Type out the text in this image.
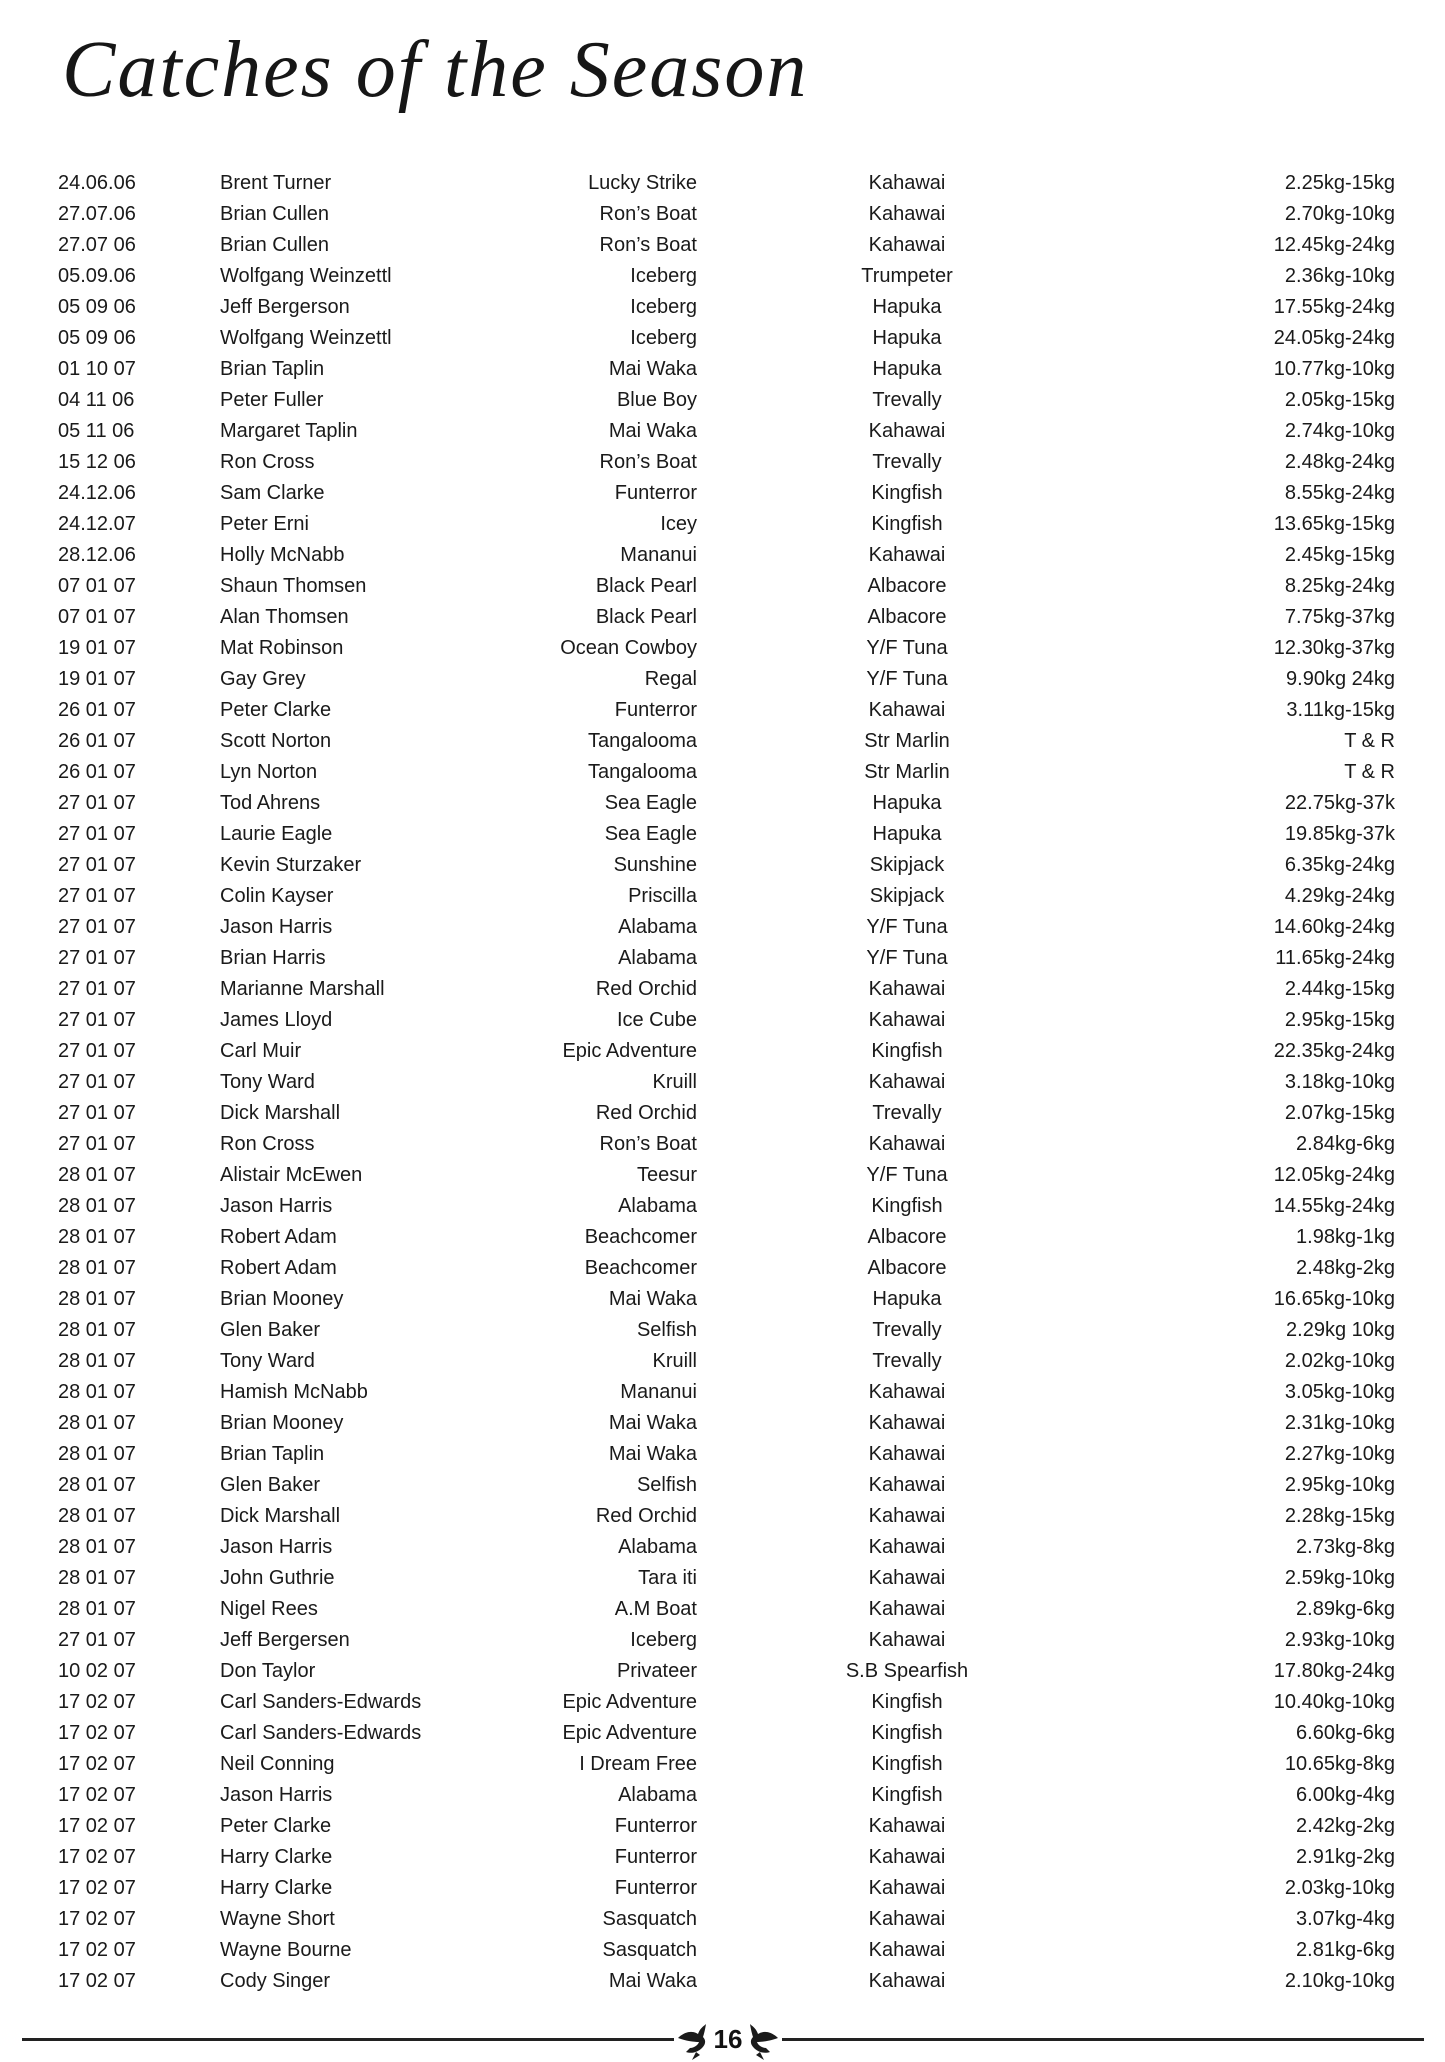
Catches of the Season
24.06.06	Brent Turner	Lucky Strike	Kahawai	2.25kg-15kg
27.07.06	Brian Cullen	Ron’s Boat	Kahawai	2.70kg-10kg
27.07 06	Brian Cullen	Ron’s Boat	Kahawai	12.45kg-24kg
05.09.06	Wolfgang Weinzettl	Iceberg	Trumpeter	2.36kg-10kg
05 09 06	Jeff Bergerson	Iceberg	Hapuka	17.55kg-24kg
05 09 06	Wolfgang Weinzettl	Iceberg	Hapuka	24.05kg-24kg
01 10 07	Brian Taplin	Mai Waka	Hapuka	10.77kg-10kg
04 11 06	Peter Fuller	Blue Boy	Trevally	2.05kg-15kg
05 11 06	Margaret Taplin	Mai Waka	Kahawai	2.74kg-10kg
15 12 06	Ron Cross	Ron’s Boat	Trevally	2.48kg-24kg
24.12.06	Sam Clarke	Funterror	Kingfish	8.55kg-24kg
24.12.07	Peter Erni	Icey	Kingfish	13.65kg-15kg
28.12.06	Holly McNabb	Mananui	Kahawai	2.45kg-15kg
07 01 07	Shaun Thomsen	Black Pearl	Albacore	8.25kg-24kg
07 01 07	Alan Thomsen	Black Pearl	Albacore	7.75kg-37kg
19 01 07	Mat Robinson	Ocean Cowboy	Y/F Tuna	12.30kg-37kg
19 01 07	Gay Grey	Regal	Y/F Tuna	9.90kg 24kg
26 01 07	Peter Clarke	Funterror	Kahawai	3.11kg-15kg
26 01 07	Scott Norton	Tangalooma	Str Marlin	T & R
26 01 07	Lyn Norton	Tangalooma	Str Marlin	T & R
27 01 07	Tod Ahrens	Sea Eagle	Hapuka	22.75kg-37k
27 01 07	Laurie Eagle	Sea Eagle	Hapuka	19.85kg-37k
27 01 07	Kevin Sturzaker	Sunshine	Skipjack	6.35kg-24kg
27 01 07	Colin Kayser	Priscilla	Skipjack	4.29kg-24kg
27 01 07	Jason Harris	Alabama	Y/F Tuna	14.60kg-24kg
27 01 07	Brian Harris	Alabama	Y/F Tuna	11.65kg-24kg
27 01 07	Marianne Marshall	Red Orchid	Kahawai	2.44kg-15kg
27 01 07	James Lloyd	Ice Cube	Kahawai	2.95kg-15kg
27 01 07	Carl Muir	Epic Adventure	Kingfish	22.35kg-24kg
27 01 07	Tony Ward	Kruill	Kahawai	3.18kg-10kg
27 01 07	Dick Marshall	Red Orchid	Trevally	2.07kg-15kg
27 01 07	Ron Cross	Ron’s Boat	Kahawai	2.84kg-6kg
28 01 07	Alistair McEwen	Teesur	Y/F Tuna	12.05kg-24kg
28 01 07	Jason Harris	Alabama	Kingfish	14.55kg-24kg
28 01 07	Robert Adam	Beachcomer	Albacore	1.98kg-1kg
28 01 07	Robert Adam	Beachcomer	Albacore	2.48kg-2kg
28 01 07	Brian Mooney	Mai Waka	Hapuka	16.65kg-10kg
28 01 07	Glen Baker	Selfish	Trevally	2.29kg 10kg
28 01 07	Tony Ward	Kruill	Trevally	2.02kg-10kg
28 01 07	Hamish McNabb	Mananui	Kahawai	3.05kg-10kg
28 01 07	Brian Mooney	Mai Waka	Kahawai	2.31kg-10kg
28 01 07	Brian Taplin	Mai Waka	Kahawai	2.27kg-10kg
28 01 07	Glen Baker	Selfish	Kahawai	2.95kg-10kg
28 01 07	Dick Marshall	Red Orchid	Kahawai	2.28kg-15kg
28 01 07	Jason Harris	Alabama	Kahawai	2.73kg-8kg
28 01 07	John Guthrie	Tara iti	Kahawai	2.59kg-10kg
28 01 07	Nigel Rees	A.M Boat	Kahawai	2.89kg-6kg
27 01 07	Jeff Bergersen	Iceberg	Kahawai	2.93kg-10kg
10 02 07	Don Taylor	Privateer	S.B Spearfish	17.80kg-24kg
17 02 07	Carl Sanders-Edwards	Epic Adventure	Kingfish	10.40kg-10kg
17 02 07	Carl Sanders-Edwards	Epic Adventure	Kingfish	6.60kg-6kg
17 02 07	Neil Conning	I Dream Free	Kingfish	10.65kg-8kg
17 02 07	Jason Harris	Alabama	Kingfish	6.00kg-4kg
17 02 07	Peter Clarke	Funterror	Kahawai	2.42kg-2kg
17 02 07	Harry Clarke	Funterror	Kahawai	2.91kg-2kg
17 02 07	Harry Clarke	Funterror	Kahawai	2.03kg-10kg
17 02 07	Wayne Short	Sasquatch	Kahawai	3.07kg-4kg
17 02 07	Wayne Bourne	Sasquatch	Kahawai	2.81kg-6kg
17 02 07	Cody Singer	Mai Waka	Kahawai	2.10kg-10kg
16
